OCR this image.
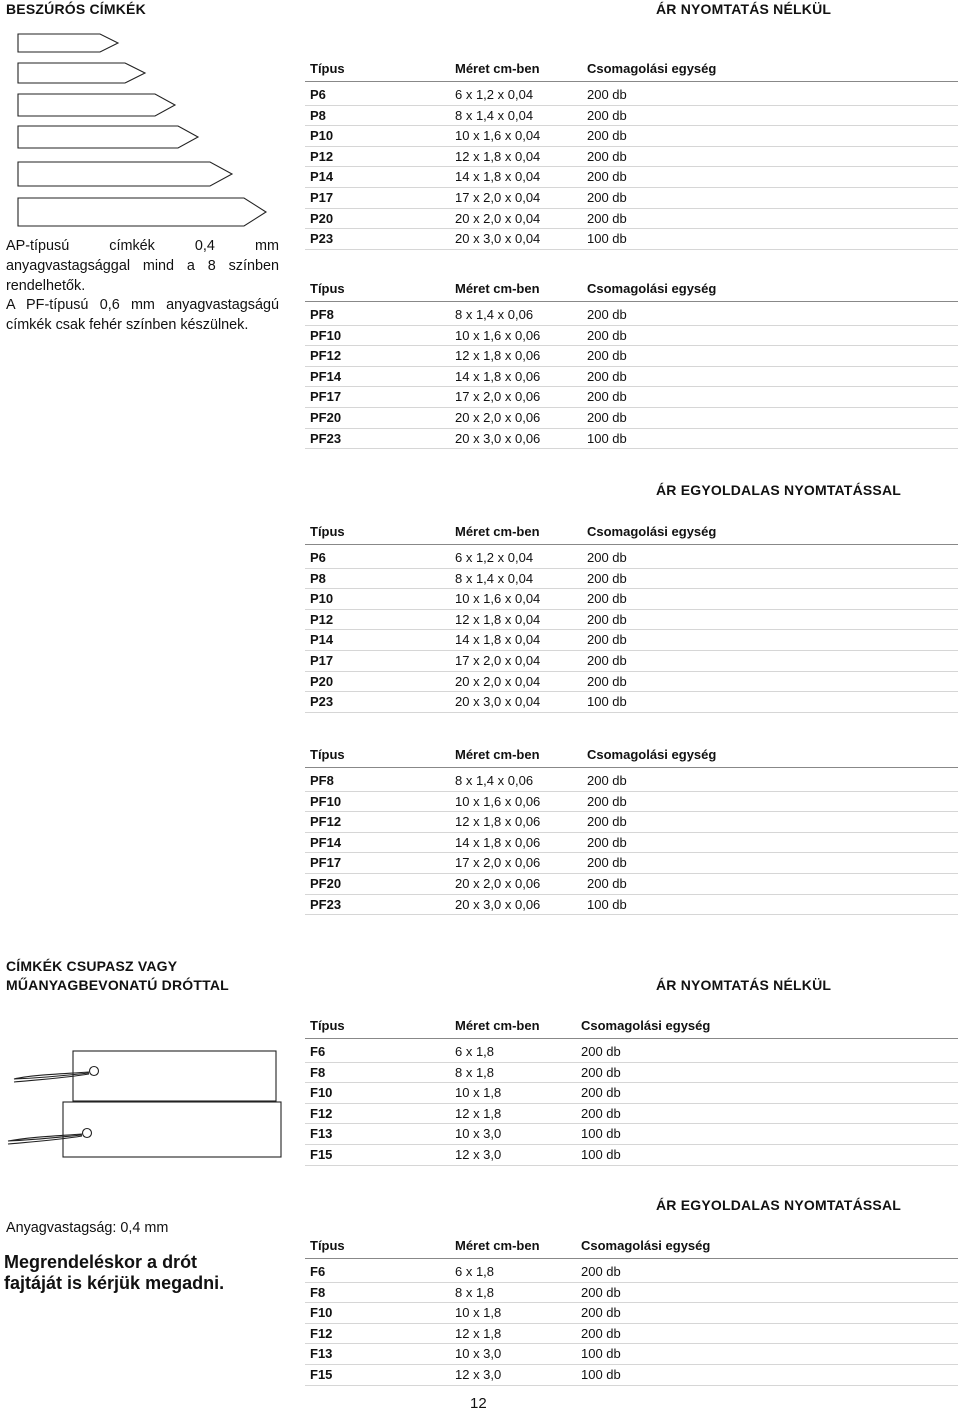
BESZÚRÓS CÍMKÉK	ÁR NYOMTATÁS NÉLKÜL
AP-típusú címkék 0,4 mm anyagvastagsággal mind a 8 színben rendelhetők.
A PF-típusú 0,6 mm anyagvastagságú címkék csak fehér színben készülnek.
Típus	Méret cm-ben	Csomagolási egység
P6	6 x 1,2 x 0,04	200 db
P8	8 x 1,4 x 0,04	200 db
P10	10 x 1,6 x 0,04	200 db
P12	12 x 1,8 x 0,04	200 db
P14	14 x 1,8 x 0,04	200 db
P17	17 x 2,0 x 0,04	200 db
P20	20 x 2,0 x 0,04	200 db
P23	20 x 3,0 x 0,04	100 db
Típus	Méret cm-ben	Csomagolási egység
PF8	8 x 1,4 x 0,06	200 db
PF10	10 x 1,6 x 0,06	200 db
PF12	12 x 1,8 x 0,06	200 db
PF14	14 x 1,8 x 0,06	200 db
PF17	17 x 2,0 x 0,06	200 db
PF20	20 x 2,0 x 0,06	200 db
PF23	20 x 3,0 x 0,06	100 db
ÁR EGYOLDALAS NYOMTATÁSSAL
Típus	Méret cm-ben	Csomagolási egység
P6	6 x 1,2 x 0,04	200 db
P8	8 x 1,4 x 0,04	200 db
P10	10 x 1,6 x 0,04	200 db
P12	12 x 1,8 x 0,04	200 db
P14	14 x 1,8 x 0,04	200 db
P17	17 x 2,0 x 0,04	200 db
P20	20 x 2,0 x 0,04	200 db
P23	20 x 3,0 x 0,04	100 db
Típus	Méret cm-ben	Csomagolási egység
PF8	8 x 1,4 x 0,06	200 db
PF10	10 x 1,6 x 0,06	200 db
PF12	12 x 1,8 x 0,06	200 db
PF14	14 x 1,8 x 0,06	200 db
PF17	17 x 2,0 x 0,06	200 db
PF20	20 x 2,0 x 0,06	200 db
PF23	20 x 3,0 x 0,06	100 db
CÍMKÉK CSUPASZ VAGY
MŰANYAGBEVONATÚ DRÓTTAL	ÁR NYOMTATÁS NÉLKÜL
Típus	Méret cm-ben	Csomagolási egység
F6	6 x 1,8	200 db
F8	8 x 1,8	200 db
F10	10 x 1,8	200 db
F12	12 x 1,8	200 db
F13	10 x 3,0	100 db
F15	12 x 3,0	100 db
ÁR EGYOLDALAS NYOMTATÁSSAL
Anyagvastagság: 0,4 mm
Megrendeléskor a drót
fajtáját is kérjük megadni.
Típus	Méret cm-ben	Csomagolási egység
F6	6 x 1,8	200 db
F8	8 x 1,8	200 db
F10	10 x 1,8	200 db
F12	12 x 1,8	200 db
F13	10 x 3,0	100 db
F15	12 x 3,0	100 db
12
